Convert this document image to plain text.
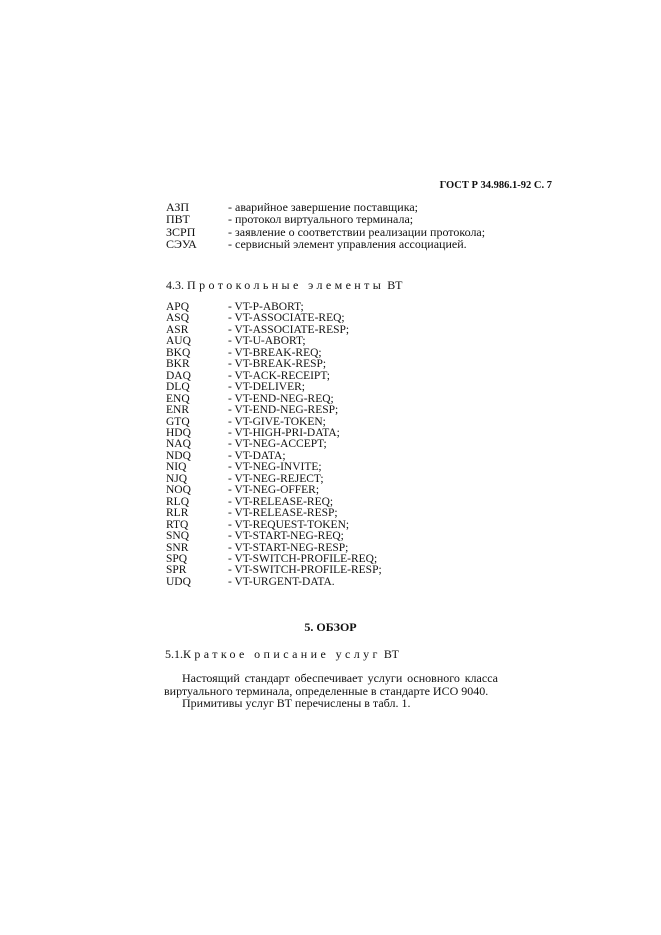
ГОСТ Р 34.986.1-92 С. 7
АЗП	- аварийное завершение поставщика;
ПВТ	- протокол виртуального терминала;
ЗСРП	- заявление о соответствии реализации протокола;
СЭУА	- сервисный элемент управления ассоциацией.
4.3. Протокольные элементы ВТ
APQ	- VT-P-ABORT;
ASQ	- VT-ASSOCIATE-REQ;
ASR	- VT-ASSOCIATE-RESP;
AUQ	- VT-U-ABORT;
BKQ	- VT-BREAK-REQ;
BKR	- VT-BREAK-RESP;
DAQ	- VT-ACK-RECEIPT;
DLQ	- VT-DELIVER;
ENQ	- VT-END-NEG-REQ;
ENR	- VT-END-NEG-RESP;
GTQ	- VT-GIVE-TOKEN;
HDQ	- VT-HIGH-PRI-DATA;
NAQ	- VT-NEG-ACCEPT;
NDQ	- VT-DATA;
NIQ	- VT-NEG-INVITE;
NJQ	- VT-NEG-REJECT;
NOQ	- VT-NEG-OFFER;
RLQ	- VT-RELEASE-REQ;
RLR	- VT-RELEASE-RESP;
RTQ	- VT-REQUEST-TOKEN;
SNQ	- VT-START-NEG-REQ;
SNR	- VT-START-NEG-RESP;
SPQ	- VT-SWITCH-PROFILE-REQ;
SPR	- VT-SWITCH-PROFILE-RESP;
UDQ	- VT-URGENT-DATA.
5. ОБЗОР
5.1.Краткое описание услуг ВТ

Настоящий стандарт обеспечивает услуги основного класса виртуального терминала, определенные в стандарте ИСО 9040.

Примитивы услуг ВТ перечислены в табл. 1.
